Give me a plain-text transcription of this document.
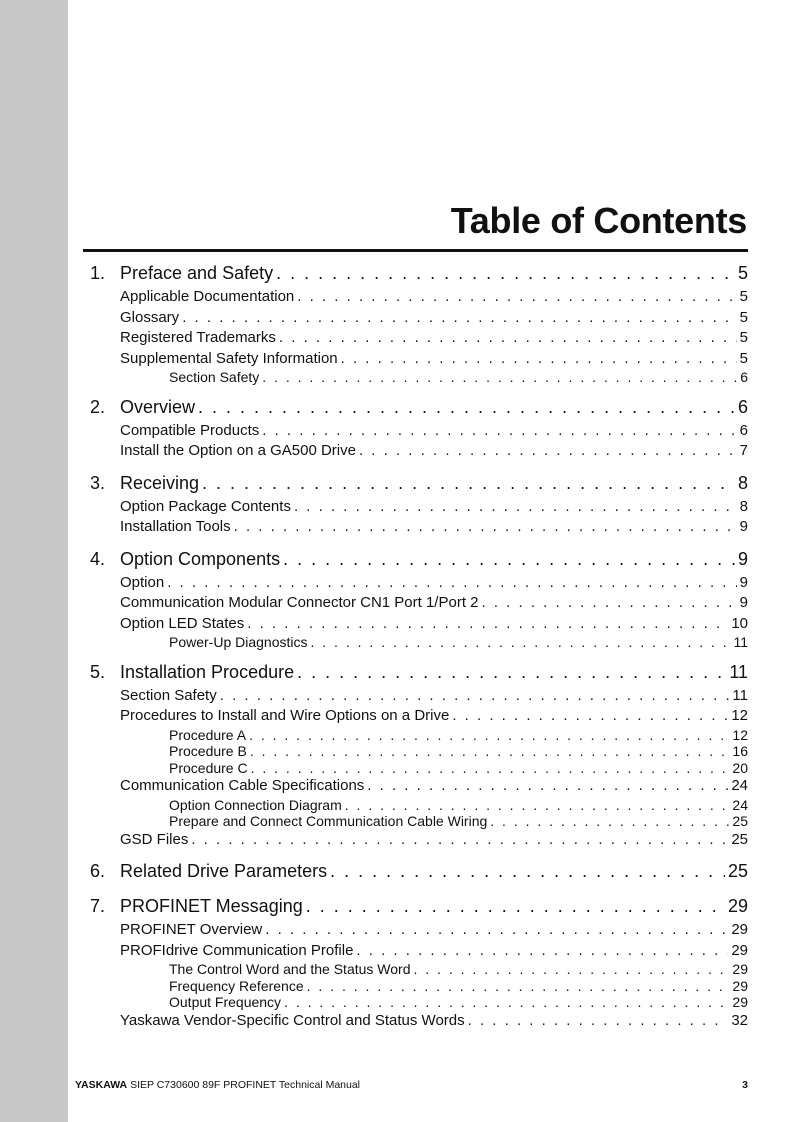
Table of Contents
1. Preface and Safety . . .	5
Applicable Documentation . . .	5
Glossary . . .	5
Registered Trademarks . . .	5
Supplemental Safety Information . . .	5
Section Safety . . .	6
2. Overview . . .	6
Compatible Products . . .	6
Install the Option on a GA500 Drive . . .	7
3. Receiving . . .	8
Option Package Contents . . .	8
Installation Tools . . .	9
4. Option Components . . .	9
Option . . .	9
Communication Modular Connector CN1 Port 1/Port 2 . . .	9
Option LED States . . .	10
Power-Up Diagnostics . . .	11
5. Installation Procedure . . .	11
Section Safety . . .	11
Procedures to Install and Wire Options on a Drive . . .	12
Procedure A . . .	12
Procedure B . . .	16
Procedure C . . .	20
Communication Cable Specifications . . .	24
Option Connection Diagram . . .	24
Prepare and Connect Communication Cable Wiring . . .	25
GSD Files . . .	25
6. Related Drive Parameters . . .	25
7. PROFINET Messaging . . .	29
PROFINET Overview . . .	29
PROFIdrive Communication Profile . . .	29
The Control Word and the Status Word . . .	29
Frequency Reference . . .	29
Output Frequency . . .	29
Yaskawa Vendor-Specific Control and Status Words . . .	32
YASKAWA SIEP C730600 89F PROFINET Technical Manual	3
